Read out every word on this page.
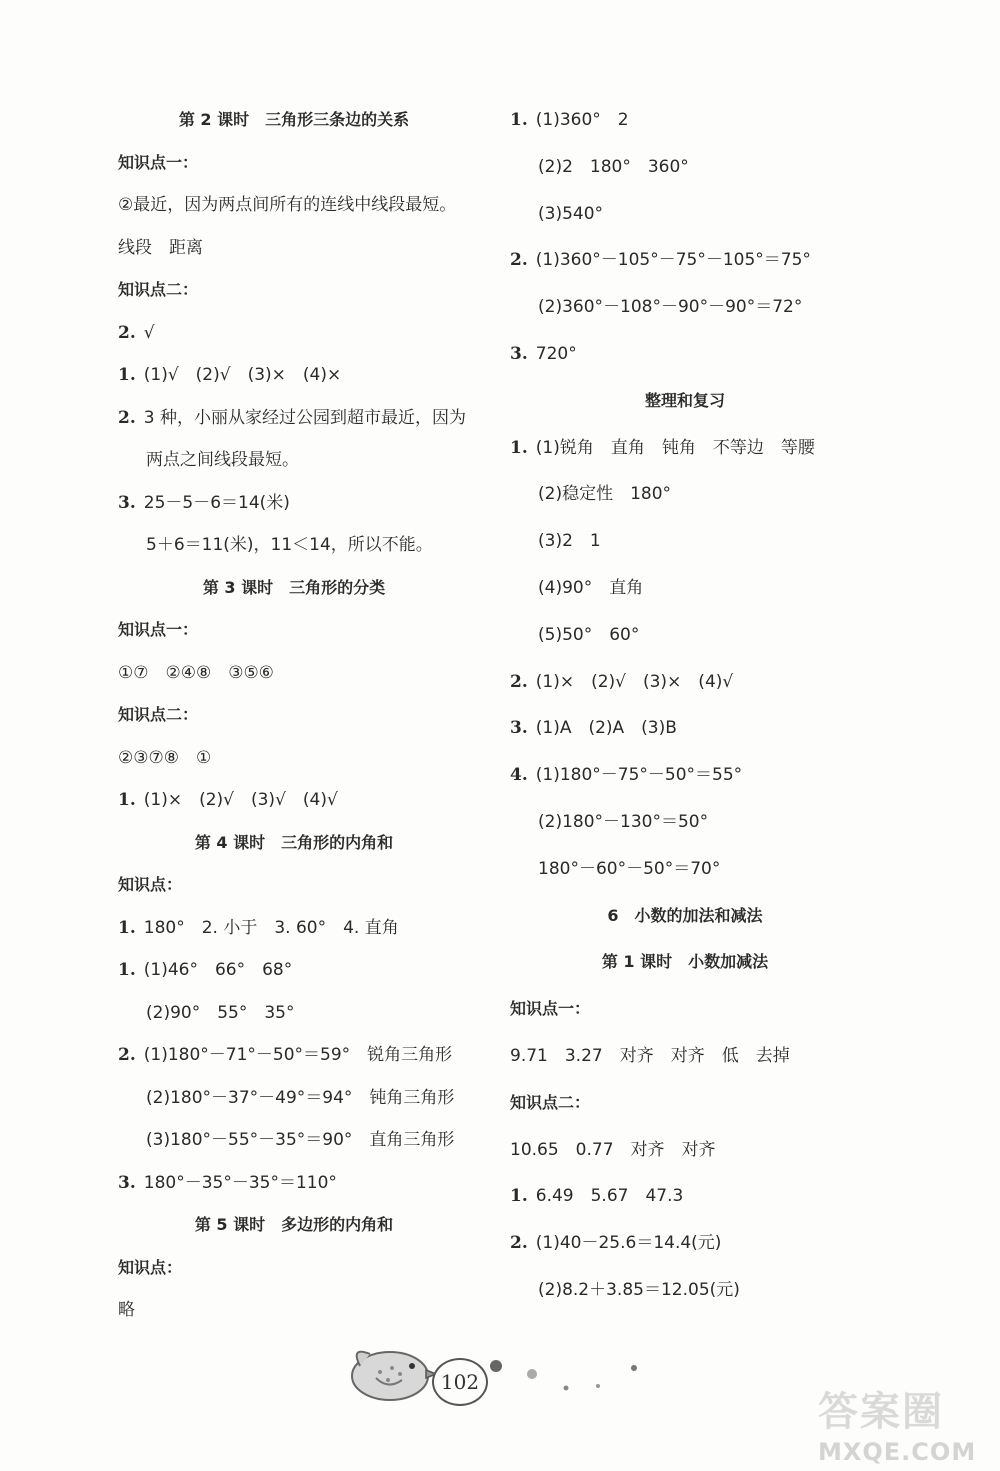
第 2 课时　三角形三条边的关系
知识点一：
②最近，因为两点间所有的连线中线段最短。
线段　距离
知识点二：
2. √
1. (1)√　(2)√　(3)×　(4)×
2. 3 种，小丽从家经过公园到超市最近，因为
两点之间线段最短。
3. 25－5－6＝14(米)
5＋6＝11(米)，11＜14，所以不能。
第 3 课时　三角形的分类
知识点一：
①⑦　②④⑧　③⑤⑥
知识点二：
②③⑦⑧　①
1. (1)×　(2)√　(3)√　(4)√
第 4 课时　三角形的内角和
知识点：
1. 180°　2. 小于　3. 60°　4. 直角
1. (1)46°　66°　68°
(2)90°　55°　35°
2. (1)180°－71°－50°＝59°　锐角三角形
(2)180°－37°－49°＝94°　钝角三角形
(3)180°－55°－35°＝90°　直角三角形
3. 180°－35°－35°＝110°
第 5 课时　多边形的内角和
知识点：
略
1. (1)360°　2
(2)2　180°　360°
(3)540°
2. (1)360°－105°－75°－105°＝75°
(2)360°－108°－90°－90°＝72°
3. 720°
整理和复习
1. (1)锐角　直角　钝角　不等边　等腰
(2)稳定性　180°
(3)2　1
(4)90°　直角
(5)50°　60°
2. (1)×　(2)√　(3)×　(4)√
3. (1)A　(2)A　(3)B
4. (1)180°－75°－50°＝55°
(2)180°－130°＝50°
180°－60°－50°＝70°
6　小数的加法和减法
第 1 课时　小数加减法
知识点一：
9.71　3.27　对齐　对齐　低　去掉
知识点二：
10.65　0.77　对齐　对齐
1. 6.49　5.67　47.3
2. (1)40－25.6＝14.4(元)
(2)8.2＋3.85＝12.05(元)
102
答案圈
MXQE.COM
